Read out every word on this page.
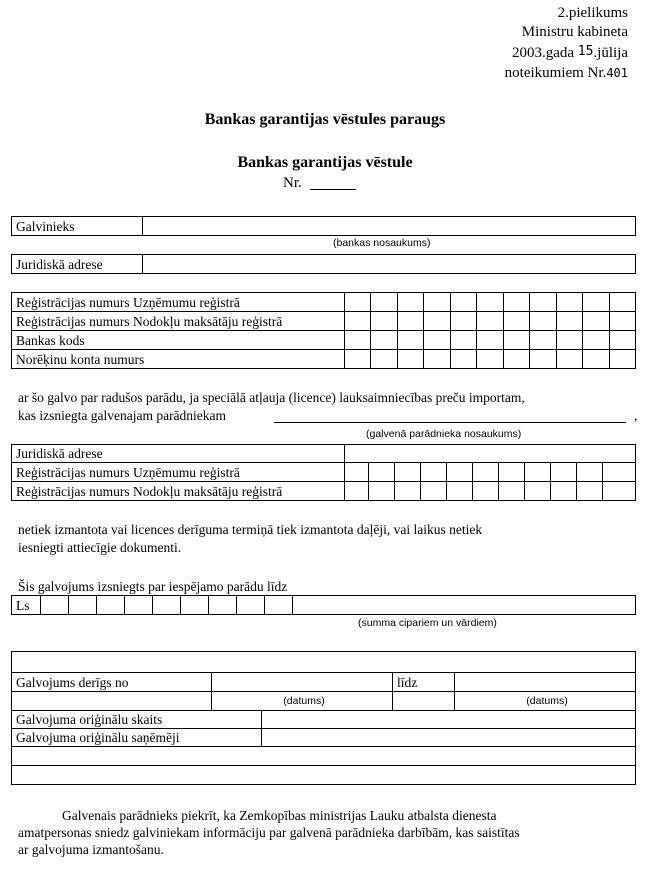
2.pielikums
Ministru kabineta
2003.gada 15.jūlija
noteikumiem Nr.401
Bankas garantijas vēstules paraugs
Bankas garantijas vēstule
Nr.
Galvinieks	
(bankas nosaukums)
Juridiskā adrese	
Reģistrācijas numurs Uzņēmumu reģistrā											
Reģistrācijas numurs Nodokļu maksātāju reģistrā											
Bankas kods											
Norēķinu konta numurs											
ar šo galvo par radušos parādu, ja speciālā atļauja (licence) lauksaimniecības preču importam,
kas izsniegta galvenajam parādniekam	,
(galvenā parādnieka nosaukums)
Juridiskā adrese											
Reģistrācijas numurs Uzņēmumu reģistrā											
Reģistrācijas numurs Nodokļu maksātāju reģistrā											
netiek izmantota vai licences derīguma termiņā tiek izmantota daļēji, vai laikus netiek
iesniegti attiecīgie dokumenti.
Šis galvojums izsniegts par iespējamo parādu līdz
Ls										
(summa cipariem un vārdiem)

Galvojums derīgs no			līdz	
	(datums)			(datums)
Galvojuma oriģinālu skaits				
Galvojuma oriģinālu saņēmēji				

Galvenais parādnieks piekrīt, ka Zemkopības ministrijas Lauku atbalsta dienesta
amatpersonas sniedz galviniekam informāciju par galvenā parādnieka darbībām, kas saistītas
ar galvojuma izmantošanu.
